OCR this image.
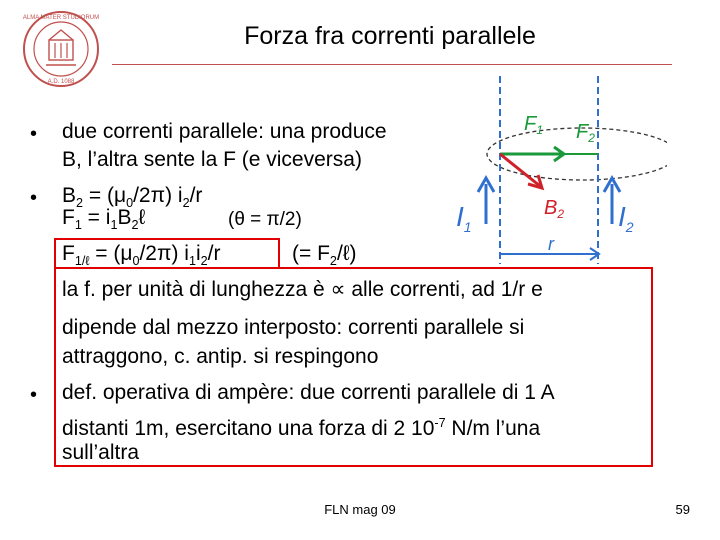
ALMA MATER STUDIORUM
A.D. 1088
Forza fra correnti parallele
$F_1$ $F_2$
$B_2$
$I_1$	$I_2$
r
• due correnti parallele: una produce
B, l’altra sente la F (e viceversa)
• $B_2 = (\mu_0/2\pi)$ $i_2/r$
$F_1$ = $i_1B_2\ell$	(θ = π/2)
$F_{1/\ell} = (\mu_0/2\pi)$ $i_1i_2/r$	(= $F_2/\ell$)
la f. per unità di lunghezza è ∝ alle correnti, ad 1/r e
dipende dal mezzo interposto: correnti parallele si
attraggono, c. antip. si respingono
• def. operativa di ampère: due correnti parallele di 1 A
distanti 1m, esercitano una forza di 2 $10^{-7}$ N/m l’una
sull’altra
FLN mag 09	59
